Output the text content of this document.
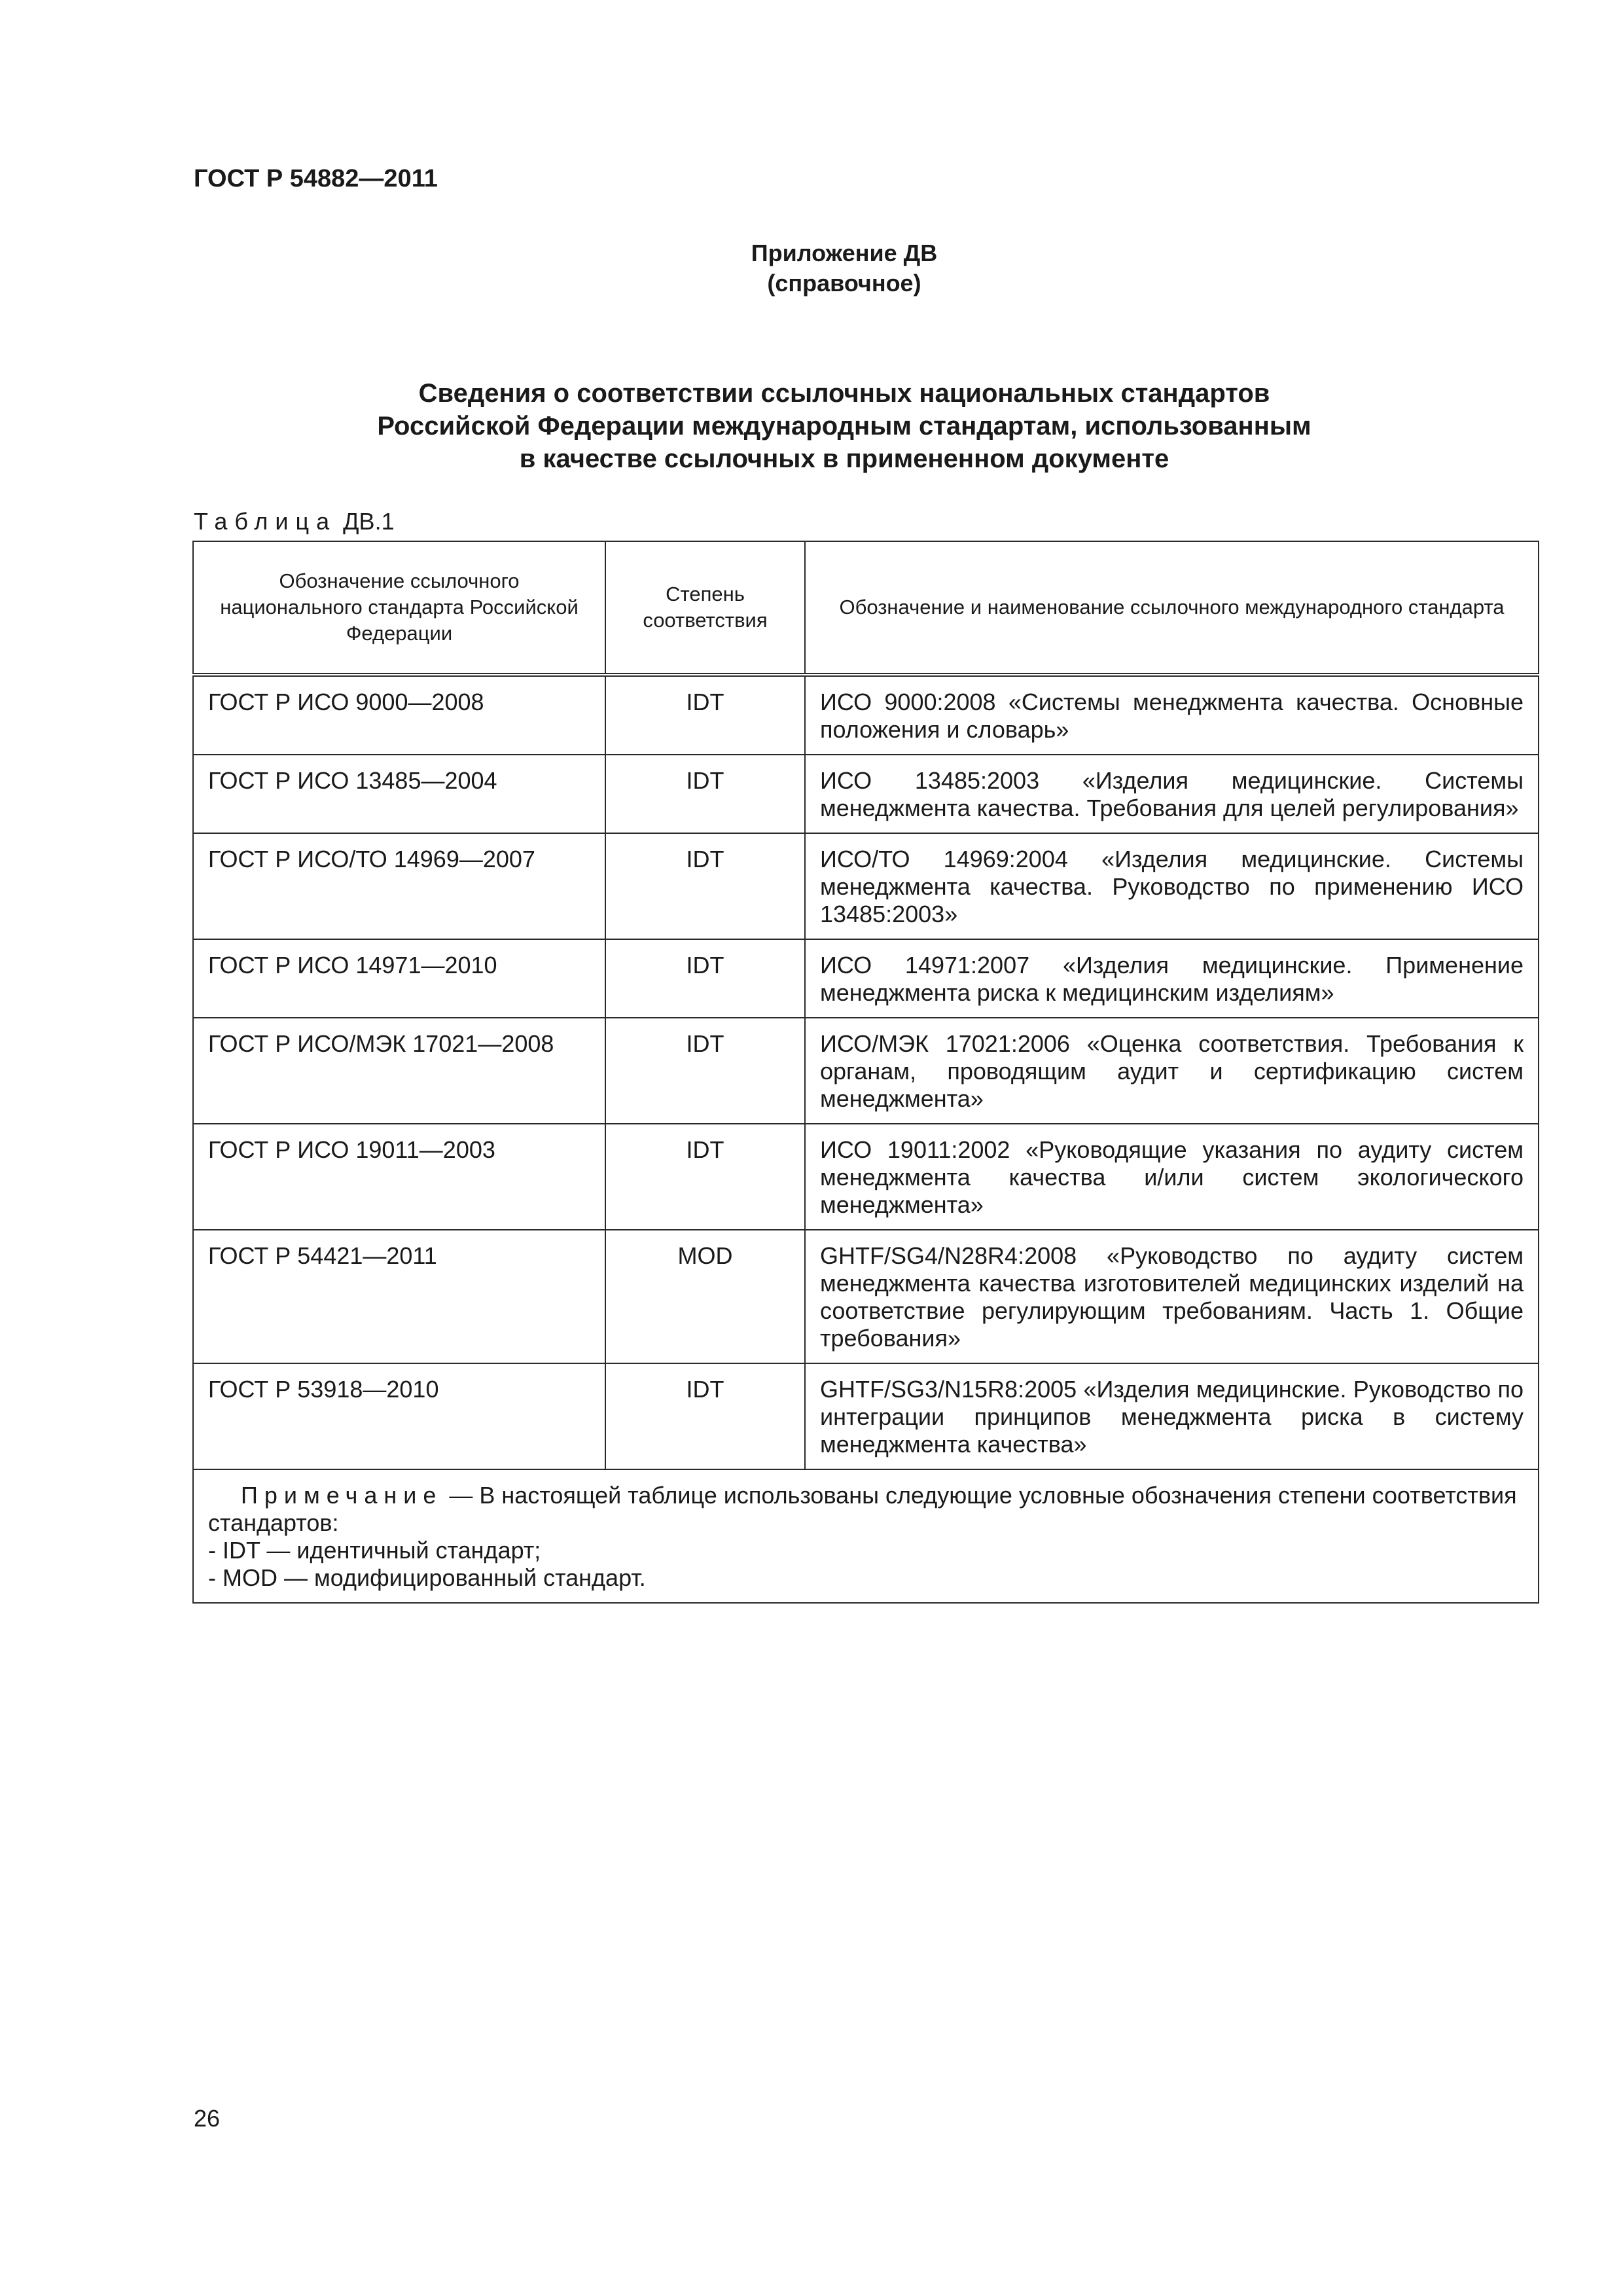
ГОСТ Р 54882—2011
Приложение ДВ
(справочное)
Сведения о соответствии ссылочных национальных стандартов
Российской Федерации международным стандартам, использованным
в качестве ссылочных в примененном документе
Таблица ДВ.1
Обозначение ссылочного национального стандарта Российской Федерации	Степень соответствия	Обозначение и наименование ссылочного международного стандарта
ГОСТ Р ИСО 9000—2008	IDT	ИСО 9000:2008 «Системы менеджмента качества. Основные положения и словарь»
ГОСТ Р ИСО 13485—2004	IDT	ИСО 13485:2003 «Изделия медицинские. Системы менеджмента качества. Требования для целей регулирования»
ГОСТ Р ИСО/ТО 14969—2007	IDT	ИСО/ТО 14969:2004 «Изделия медицинские. Системы менеджмента качества. Руководство по применению ИСО 13485:2003»
ГОСТ Р ИСО 14971—2010	IDT	ИСО 14971:2007 «Изделия медицинские. Применение менеджмента риска к медицинским изделиям»
ГОСТ Р ИСО/МЭК 17021—2008	IDT	ИСО/МЭК 17021:2006 «Оценка соответствия. Требования к органам, проводящим аудит и сертификацию систем менеджмента»
ГОСТ Р ИСО 19011—2003	IDT	ИСО 19011:2002 «Руководящие указания по аудиту систем менеджмента качества и/или систем экологического менеджмента»
ГОСТ Р 54421—2011	MOD	GHTF/SG4/N28R4:2008 «Руководство по аудиту систем менеджмента качества изготовителей медицинских изделий на соответствие регулирующим требованиям. Часть 1. Общие требования»
ГОСТ Р 53918—2010	IDT	GHTF/SG3/N15R8:2005 «Изделия медицинские. Руководство по интеграции принципов менеджмента риска в систему менеджмента качества»

Примечание — В настоящей таблице использованы следующие условные обозначения степени соответствия стандартов:
- IDT — идентичный стандарт;
- MOD — модифицированный стандарт.		
26
